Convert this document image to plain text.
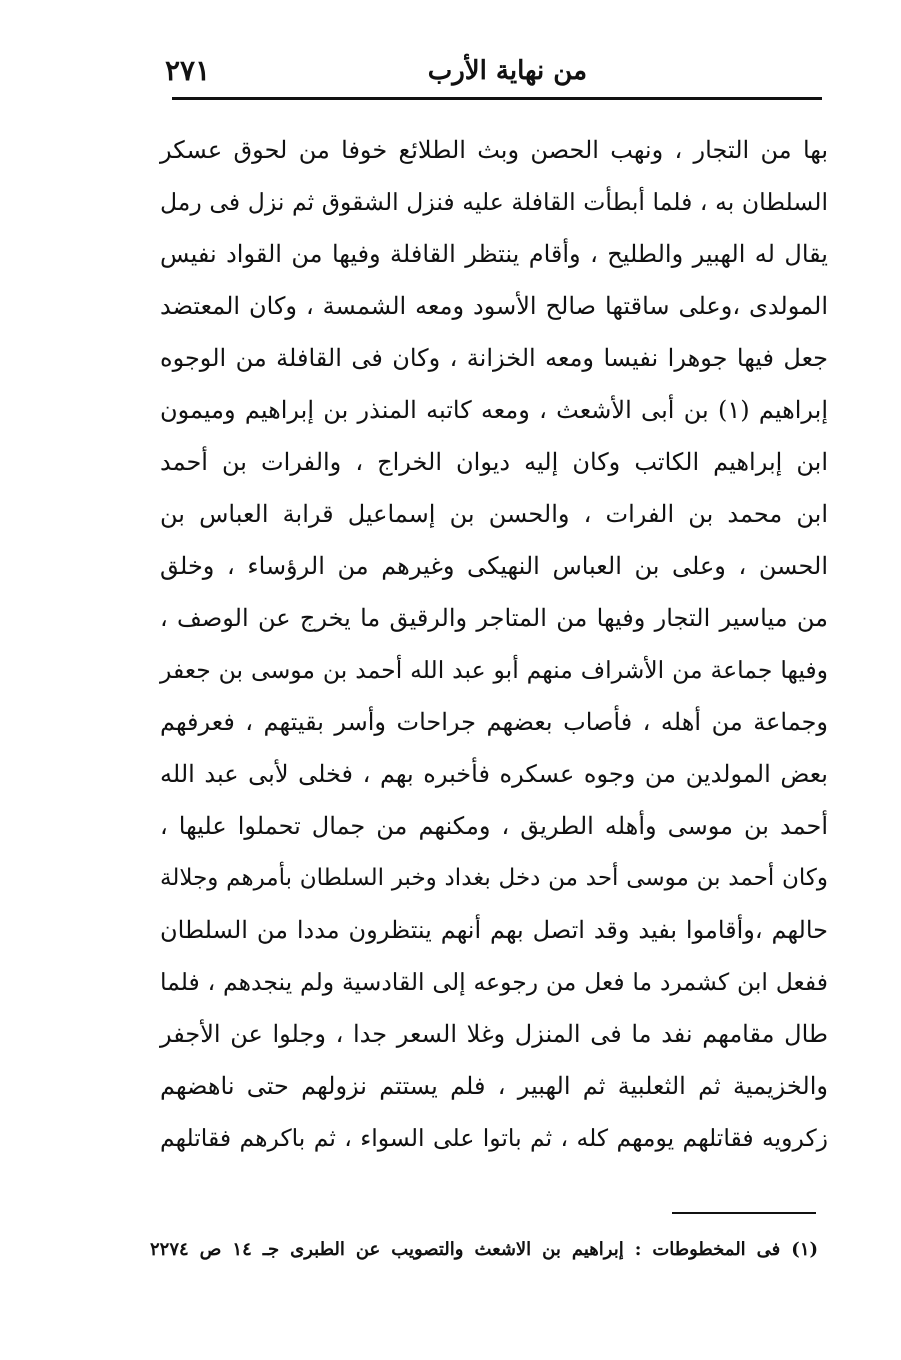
من نهاية الأرب
٢٧١
بها من التجار ، ونهب الحصن وبث الطلائع خوفا من لحوق عسكر
السلطان به ، فلما أبطأت القافلة عليه فنزل الشقوق ثم نزل فى رمل
يقال له الهبير والطليح ، وأقام ينتظر القافلة وفيها من القواد نفيس
المولدى ،وعلى ساقتها صالح الأسود ومعه الشمسة ، وكان المعتضد
جعل فيها جوهرا نفيسا ومعه الخزانة ، وكان فى القافلة من الوجوه
إبراهيم (١) بن أبى الأشعث ، ومعه كاتبه المنذر بن إبراهيم وميمون
ابن إبراهيم الكاتب وكان إليه ديوان الخراج ، والفرات بن أحمد
ابن محمد بن الفرات ، والحسن بن إسماعيل قرابة العباس بن
الحسن ، وعلى بن العباس النهيكى وغيرهم من الرؤساء ، وخلق
من مياسير التجار وفيها من المتاجر والرقيق ما يخرج عن الوصف ،
وفيها جماعة من الأشراف منهم أبو عبد الله أحمد بن موسى بن جعفر
وجماعة من أهله ، فأصاب بعضهم جراحات وأسر بقيتهم ، فعرفهم
بعض المولدين من وجوه عسكره فأخبره بهم ، فخلى لأبى عبد الله
أحمد بن موسى وأهله الطريق ، ومكنهم من جمال تحملوا عليها ،
وكان أحمد بن موسى أحد من دخل بغداد وخبر السلطان بأمرهم وجلالة
حالهم ،وأقاموا بفيد وقد اتصل بهم أنهم ينتظرون مددا من السلطان
ففعل ابن كشمرد ما فعل من رجوعه إلى القادسية ولم ينجدهم ، فلما
طال مقامهم نفد ما فى المنزل وغلا السعر جدا ، وجلوا عن الأجفر
والخزيمية ثم الثعلبية ثم الهبير ، فلم يستتم نزولهم حتى ناهضهم
زكرويه فقاتلهم يومهم كله ، ثم باتوا على السواء ، ثم باكرهم فقاتلهم
(١) فى المخطوطات : إبراهيم بن الاشعث والتصويب عن الطبرى جـ ١٤ ص ٢٢٧٤
